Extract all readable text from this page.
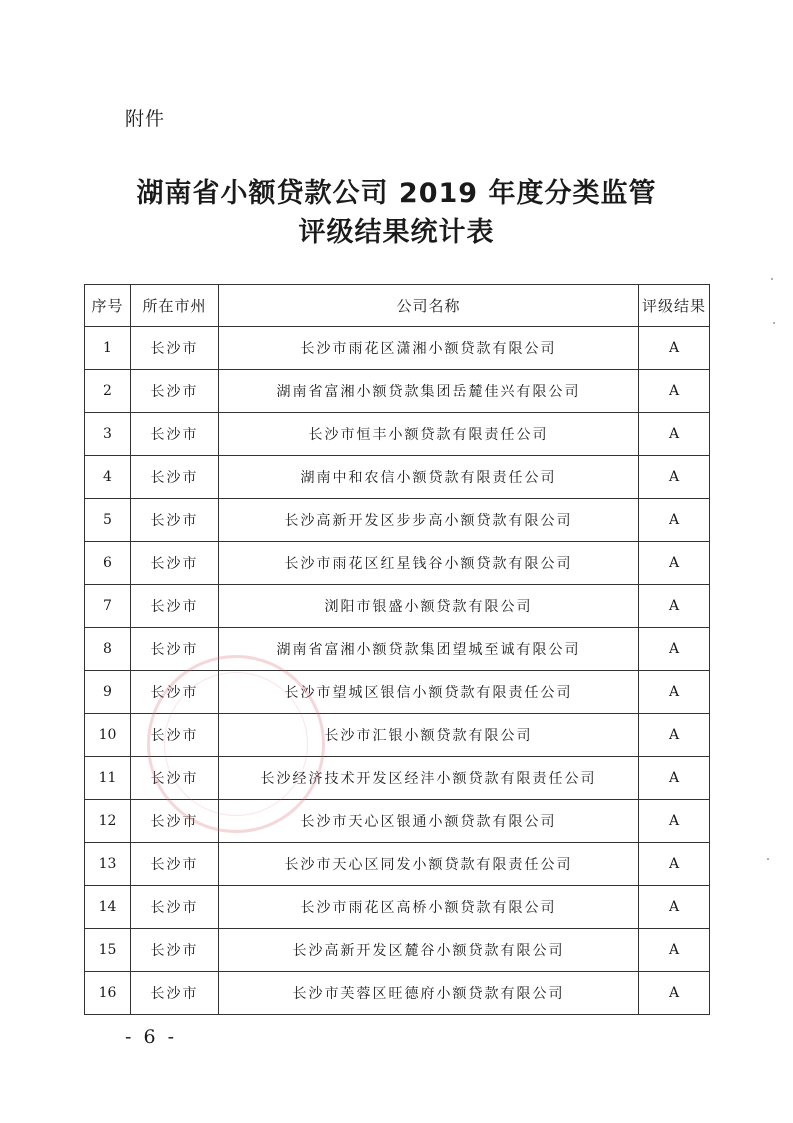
附件
湖南省小额贷款公司 2019 年度分类监管
评级结果统计表
序号	所在市州	公司名称	评级结果
1	长沙市	长沙市雨花区潇湘小额贷款有限公司	A
2	长沙市	湖南省富湘小额贷款集团岳麓佳兴有限公司	A
3	长沙市	长沙市恒丰小额贷款有限责任公司	A
4	长沙市	湖南中和农信小额贷款有限责任公司	A
5	长沙市	长沙高新开发区步步高小额贷款有限公司	A
6	长沙市	长沙市雨花区红星钱谷小额贷款有限公司	A
7	长沙市	浏阳市银盛小额贷款有限公司	A
8	长沙市	湖南省富湘小额贷款集团望城至诚有限公司	A
9	长沙市	长沙市望城区银信小额贷款有限责任公司	A
10	长沙市	长沙市汇银小额贷款有限公司	A
11	长沙市	长沙经济技术开发区经沣小额贷款有限责任公司	A
12	长沙市	长沙市天心区银通小额贷款有限公司	A
13	长沙市	长沙市天心区同发小额贷款有限责任公司	A
14	长沙市	长沙市雨花区高桥小额贷款有限公司	A
15	长沙市	长沙高新开发区麓谷小额贷款有限公司	A
16	长沙市	长沙市芙蓉区旺德府小额贷款有限公司	A
- 6 -
